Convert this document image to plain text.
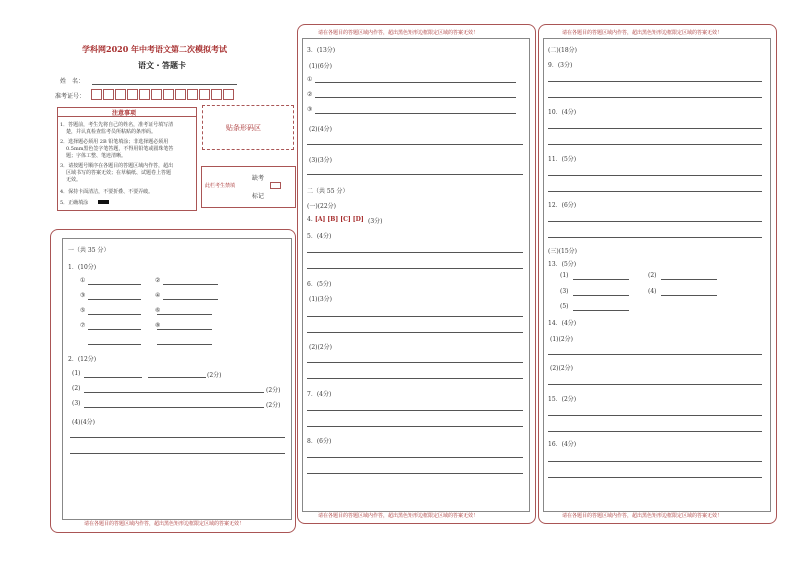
学科网2020 年中考语文第二次模拟考试
语文・答题卡
姓　名：
准考证号：
注意事项
1．答题前，考生先将自己的姓名，准考证号填写清
楚，并认真检查监考员所粘贴的条形码。
2．选择题必须用 2B 铅笔填涂；非选择题必须用
0.5mm黑色签字笔答题，不得用铅笔或圆珠笔答
题；字体工整、笔迹清晰。
3．请按题号顺序在各题目的答题区域内作答，超出
区域书写的答案无效；在草稿纸、试题卷上答题
无效。
4．保持卡面清洁，不要折叠、不要弄破。
5．正确填涂
贴条形码区
此栏考生禁填
缺考
标记
请在各题目的答题区域内作答，超出黑色矩形边框限定区域的答案无效！
一（共 35 分）
1．(10分)
①	②
③	④
⑤	⑥
⑦	⑧
2．(12分)
(1)	(2分)
(2)	(2分)
(3)	(2分)
(4)(4分)
请在各题目的答题区域内作答，超出黑色矩形边框限定区域的答案无效！
请在各题目的答题区域内作答，超出黑色矩形边框限定区域的答案无效！
3．(13分)
(1)(6分)
①
②
③
(2)(4分)
(3)(3分)
二（共 55 分）
(一)(22分)
4. [A] [B] [C] [D] (3分)
5．(4分)
6．(5分)
(1)(3分)
(2)(2分)
7．(4分)
8．(6分)
请在各题目的答题区域内作答，超出黑色矩形边框限定区域的答案无效！
请在各题目的答题区域内作答，超出黑色矩形边框限定区域的答案无效！
(二)(18分)
9．(3分)
10．(4分)
11．(5分)
12．(6分)
(三)(15分)
13．(5分)
(1)	(2)
(3)	(4)
(5)
14．(4分)
(1)(2分)
(2)(2分)
15．(2分)
16．(4分)
